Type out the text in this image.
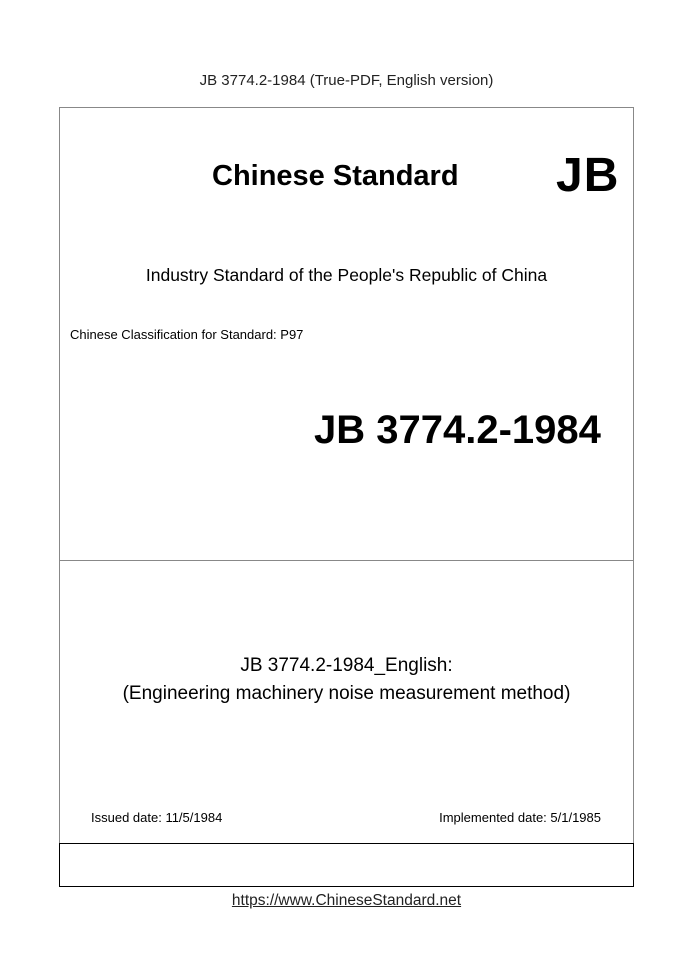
JB 3774.2-1984 (True-PDF, English version)
Chinese Standard JB
Industry Standard of the People's Republic of China
Chinese Classification for Standard: P97
JB 3774.2-1984
JB 3774.2-1984_English:
(Engineering machinery noise measurement method)
Issued date: 11/5/1984	Implemented date: 5/1/1985
https://www.ChineseStandard.net
